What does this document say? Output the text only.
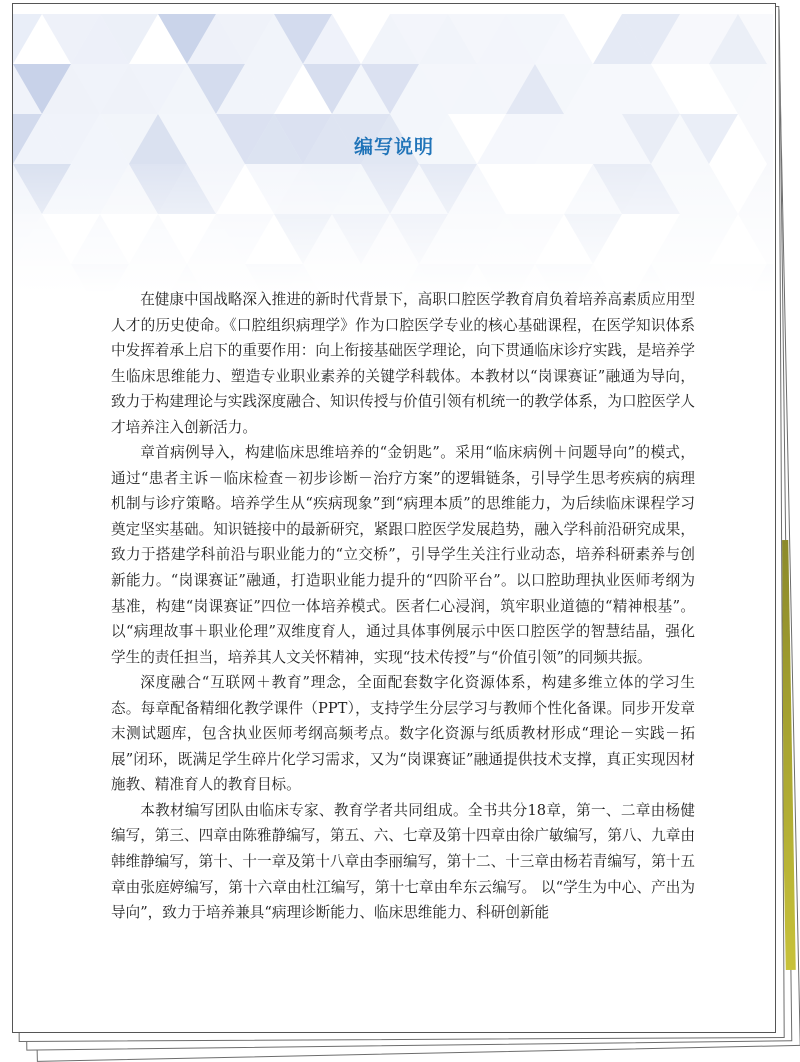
编写说明

在健康中国战略深入推进的新时代背景下，高职口腔医学教育肩负着培养高素质应用型人才的历史使命。《口腔组织病理学》作为口腔医学专业的核心基础课程，在医学知识体系中发挥着承上启下的重要作用：向上衔接基础医学理论，向下贯通临床诊疗实践，是培养学生临床思维能力、塑造专业职业素养的关键学科载体。本教材以“岗课赛证”融通为导向，致力于构建理论与实践深度融合、知识传授与价值引领有机统一的教学体系，为口腔医学人才培养注入创新活力。

章首病例导入，构建临床思维培养的“金钥匙”。采用“临床病例＋问题导向”的模式，通过“患者主诉－临床检查－初步诊断－治疗方案”的逻辑链条，引导学生思考疾病的病理机制与诊疗策略。培养学生从“疾病现象”到“病理本质”的思维能力，为后续临床课程学习奠定坚实基础。知识链接中的最新研究，紧跟口腔医学发展趋势，融入学科前沿研究成果，致力于搭建学科前沿与职业能力的“立交桥”，引导学生关注行业动态，培养科研素养与创新能力。“岗课赛证”融通，打造职业能力提升的“四阶平台”。以口腔助理执业医师考纲为基准，构建“岗课赛证”四位一体培养模式。医者仁心浸润，筑牢职业道德的“精神根基”。以“病理故事＋职业伦理”双维度育人，通过具体事例展示中医口腔医学的智慧结晶，强化学生的责任担当，培养其人文关怀精神，实现“技术传授”与“价值引领”的同频共振。

深度融合“互联网＋教育”理念，全面配套数字化资源体系，构建多维立体的学习生态。每章配备精细化教学课件（PPT），支持学生分层学习与教师个性化备课。同步开发章末测试题库，包含执业医师考纲高频考点。数字化资源与纸质教材形成“理论－实践－拓展”闭环，既满足学生碎片化学习需求，又为“岗课赛证”融通提供技术支撑，真正实现因材施教、精准育人的教育目标。

本教材编写团队由临床专家、教育学者共同组成。全书共分18章，第一、二章由杨健编写，第三、四章由陈雅静编写，第五、六、七章及第十四章由徐广敏编写，第八、九章由韩维静编写，第十、十一章及第十八章由李丽编写，第十二、十三章由杨若青编写，第十五章由张庭婷编写，第十六章由杜江编写，第十七章由牟东云编写。 以“学生为中心、产出为导向”，致力于培养兼具“病理诊断能力、临床思维能力、科研创新能
